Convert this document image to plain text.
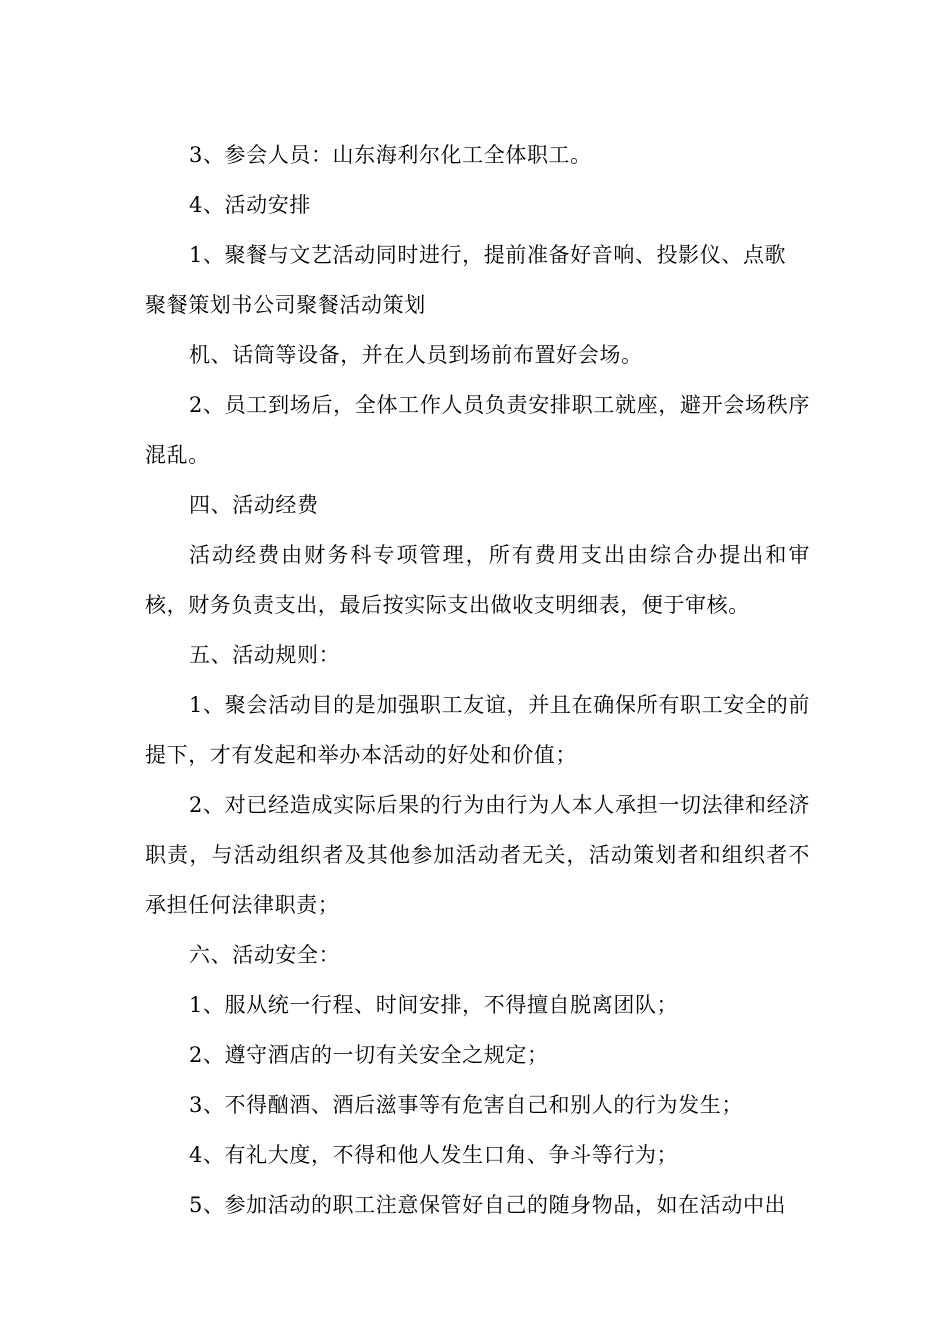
3、参会人员：山东海利尔化工全体职工。

4、活动安排

1、聚餐与文艺活动同时进行，提前准备好音响、投影仪、点歌

聚餐策划书公司聚餐活动策划

机、话筒等设备，并在人员到场前布置好会场。

2、员工到场后，全体工作人员负责安排职工就座，避开会场秩序混乱。

四、活动经费

活动经费由财务科专项管理，所有费用支出由综合办提出和审核，财务负责支出，最后按实际支出做收支明细表，便于审核。

五、活动规则：

1、聚会活动目的是加强职工友谊，并且在确保所有职工安全的前提下，才有发起和举办本活动的好处和价值；

2、对已经造成实际后果的行为由行为人本人承担一切法律和经济职责，与活动组织者及其他参加活动者无关，活动策划者和组织者不承担任何法律职责；

六、活动安全：

1、服从统一行程、时间安排，不得擅自脱离团队；

2、遵守酒店的一切有关安全之规定；

3、不得酗酒、酒后滋事等有危害自己和别人的行为发生；

4、有礼大度，不得和他人发生口角、争斗等行为；

5、参加活动的职工注意保管好自己的随身物品，如在活动中出
